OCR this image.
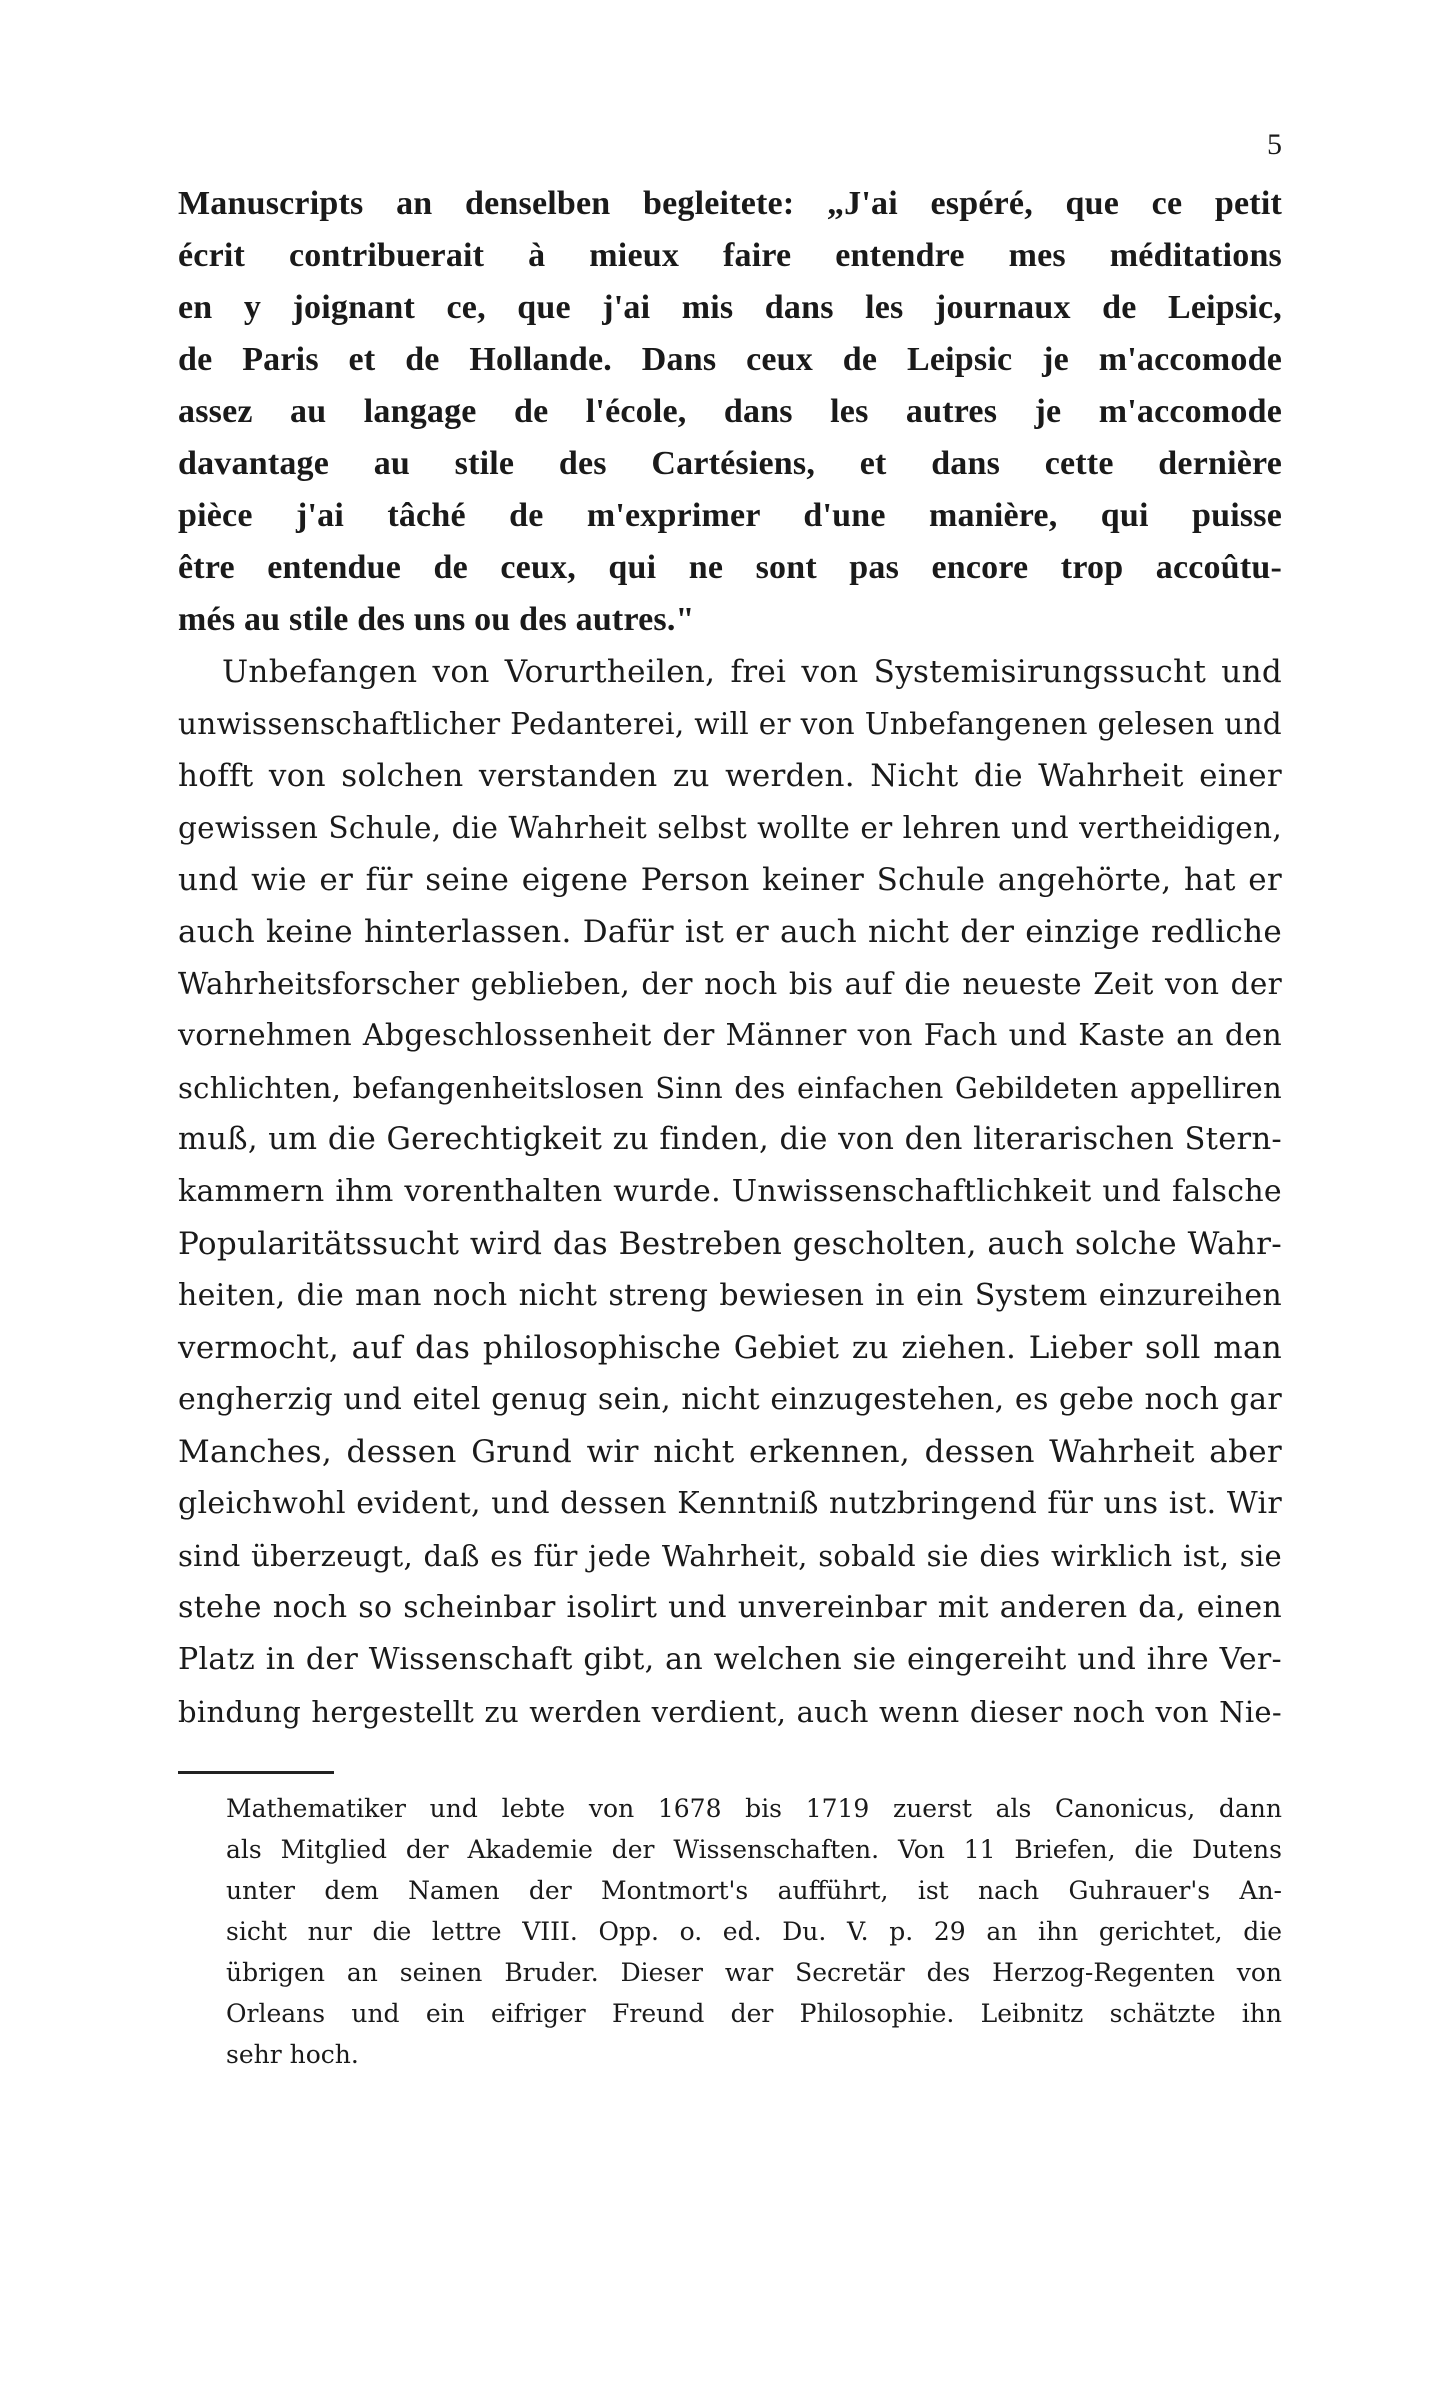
5
Manuscripts an denselben begleitete: „J'ai espéré, que ce petit
écrit contribuerait à mieux faire entendre mes méditations
en y joignant ce, que j'ai mis dans les journaux de Leipsic,
de Paris et de Hollande. Dans ceux de Leipsic je m'accomode
assez au langage de l'école, dans les autres je m'accomode
davantage au stile des Cartésiens, et dans cette dernière
pièce j'ai tâché de m'exprimer d'une manière, qui puisse
être entendue de ceux, qui ne sont pas encore trop accoûtu-
més au stile des uns ou des autres."
Unbefangen von Vorurtheilen, frei von Systemisirungssucht und
unwissenschaftlicher Pedanterei, will er von Unbefangenen gelesen und
hofft von solchen verstanden zu werden. Nicht die Wahrheit einer
gewissen Schule, die Wahrheit selbst wollte er lehren und vertheidigen,
und wie er für seine eigene Person keiner Schule angehörte, hat er
auch keine hinterlassen. Dafür ist er auch nicht der einzige redliche
Wahrheitsforscher geblieben, der noch bis auf die neueste Zeit von der
vornehmen Abgeschlossenheit der Männer von Fach und Kaste an den
schlichten, befangenheitslosen Sinn des einfachen Gebildeten appelliren
muß, um die Gerechtigkeit zu finden, die von den literarischen Stern-
kammern ihm vorenthalten wurde. Unwissenschaftlichkeit und falsche
Popularitätssucht wird das Bestreben gescholten, auch solche Wahr-
heiten, die man noch nicht streng bewiesen in ein System einzureihen
vermocht, auf das philosophische Gebiet zu ziehen. Lieber soll man
engherzig und eitel genug sein, nicht einzugestehen, es gebe noch gar
Manches, dessen Grund wir nicht erkennen, dessen Wahrheit aber
gleichwohl evident, und dessen Kenntniß nutzbringend für uns ist. Wir
sind überzeugt, daß es für jede Wahrheit, sobald sie dies wirklich ist, sie
stehe noch so scheinbar isolirt und unvereinbar mit anderen da, einen
Platz in der Wissenschaft gibt, an welchen sie eingereiht und ihre Ver-
bindung hergestellt zu werden verdient, auch wenn dieser noch von Nie-
Mathematiker und lebte von 1678 bis 1719 zuerst als Canonicus, dann
als Mitglied der Akademie der Wissenschaften. Von 11 Briefen, die Dutens
unter dem Namen der Montmort's aufführt, ist nach Guhrauer's An-
sicht nur die lettre VIII. Opp. o. ed. Du. V. p. 29 an ihn gerichtet, die
übrigen an seinen Bruder. Dieser war Secretär des Herzog-Regenten von
Orleans und ein eifriger Freund der Philosophie. Leibnitz schätzte ihn
sehr hoch.
